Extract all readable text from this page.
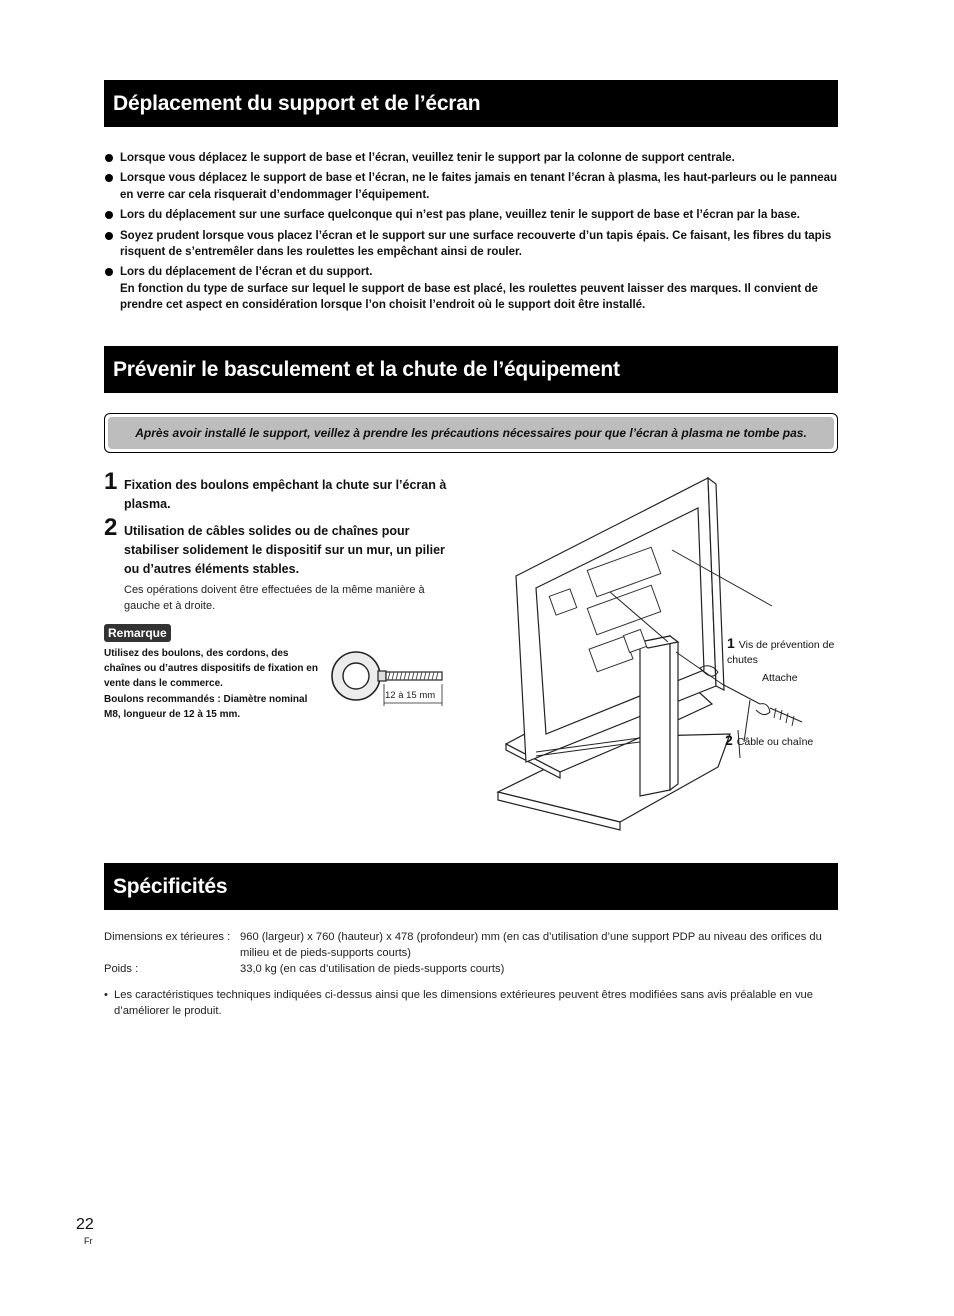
Déplacement du support et de l’écran
Lorsque vous déplacez le support de base et l’écran, veuillez tenir le support par la colonne de support centrale.
Lorsque vous déplacez le support de base et l’écran, ne le faites jamais en tenant l’écran à plasma, les haut-parleurs ou le panneau en verre car cela risquerait d’endommager l’équipement.
Lors du déplacement sur une surface quelconque qui n’est pas plane, veuillez tenir le support de base et l’écran par la base.
Soyez prudent lorsque vous placez l’écran et le support sur une surface recouverte d’un tapis épais. Ce faisant, les fibres du tapis risquent de s’entremêler dans les roulettes les empêchant ainsi de rouler.
Lors du déplacement de l’écran et du support.
En fonction du type de surface sur lequel le support de base est placé, les roulettes peuvent laisser des marques. Il convient de prendre cet aspect en considération lorsque l’on choisit l’endroit où le support doit être installé.
Prévenir le basculement et la chute de l’équipement
Après avoir installé le support, veillez à prendre les précautions nécessaires pour que l’écran à plasma ne tombe pas.
1 Fixation des boulons empêchant la chute sur l’écran à plasma.
2 Utilisation de câbles solides ou de chaînes pour stabiliser solidement le dispositif sur un mur, un pilier ou d’autres éléments stables.
Ces opérations doivent être effectuées de la même manière à gauche et à droite.
Remarque
Utilisez des boulons, des cordons, des chaînes ou d’autres dispositifs de fixation en vente dans le commerce.
Boulons recommandés : Diamètre nominal M8, longueur de 12 à 15 mm.
12 à 15 mm
1 Vis de prévention de chutes
Attache
2 Câble ou chaîne
Spécificités
Dimensions ex térieures : 960 (largeur) x 760 (hauteur) x 478 (profondeur) mm (en cas d’utilisation d’une support PDP au niveau des orifices du milieu et de pieds-supports courts)
Poids :	33,0 kg (en cas d’utilisation de pieds-supports courts)
• Les caractéristiques techniques indiquées ci-dessus ainsi que les dimensions extérieures peuvent êtres modifiées sans avis préalable en vue d’améliorer le produit.
22
Fr
